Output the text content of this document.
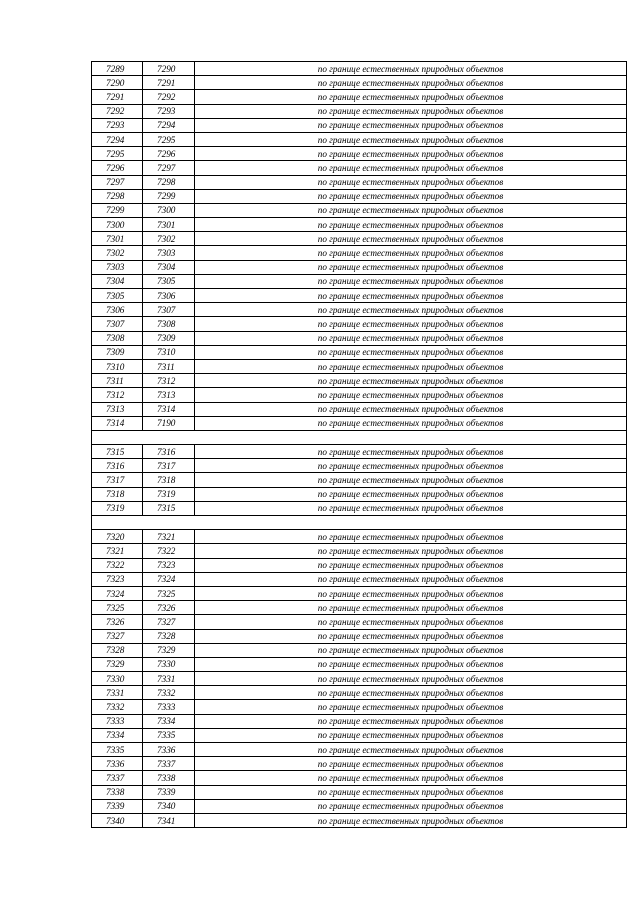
7289	7290	по границе естественных природных объектов
7290	7291	по границе естественных природных объектов
7291	7292	по границе естественных природных объектов
7292	7293	по границе естественных природных объектов
7293	7294	по границе естественных природных объектов
7294	7295	по границе естественных природных объектов
7295	7296	по границе естественных природных объектов
7296	7297	по границе естественных природных объектов
7297	7298	по границе естественных природных объектов
7298	7299	по границе естественных природных объектов
7299	7300	по границе естественных природных объектов
7300	7301	по границе естественных природных объектов
7301	7302	по границе естественных природных объектов
7302	7303	по границе естественных природных объектов
7303	7304	по границе естественных природных объектов
7304	7305	по границе естественных природных объектов
7305	7306	по границе естественных природных объектов
7306	7307	по границе естественных природных объектов
7307	7308	по границе естественных природных объектов
7308	7309	по границе естественных природных объектов
7309	7310	по границе естественных природных объектов
7310	7311	по границе естественных природных объектов
7311	7312	по границе естественных природных объектов
7312	7313	по границе естественных природных объектов
7313	7314	по границе естественных природных объектов
7314	7190	по границе естественных природных объектов

7315	7316	по границе естественных природных объектов
7316	7317	по границе естественных природных объектов
7317	7318	по границе естественных природных объектов
7318	7319	по границе естественных природных объектов
7319	7315	по границе естественных природных объектов

7320	7321	по границе естественных природных объектов
7321	7322	по границе естественных природных объектов
7322	7323	по границе естественных природных объектов
7323	7324	по границе естественных природных объектов
7324	7325	по границе естественных природных объектов
7325	7326	по границе естественных природных объектов
7326	7327	по границе естественных природных объектов
7327	7328	по границе естественных природных объектов
7328	7329	по границе естественных природных объектов
7329	7330	по границе естественных природных объектов
7330	7331	по границе естественных природных объектов
7331	7332	по границе естественных природных объектов
7332	7333	по границе естественных природных объектов
7333	7334	по границе естественных природных объектов
7334	7335	по границе естественных природных объектов
7335	7336	по границе естественных природных объектов
7336	7337	по границе естественных природных объектов
7337	7338	по границе естественных природных объектов
7338	7339	по границе естественных природных объектов
7339	7340	по границе естественных природных объектов
7340	7341	по границе естественных природных объектов
